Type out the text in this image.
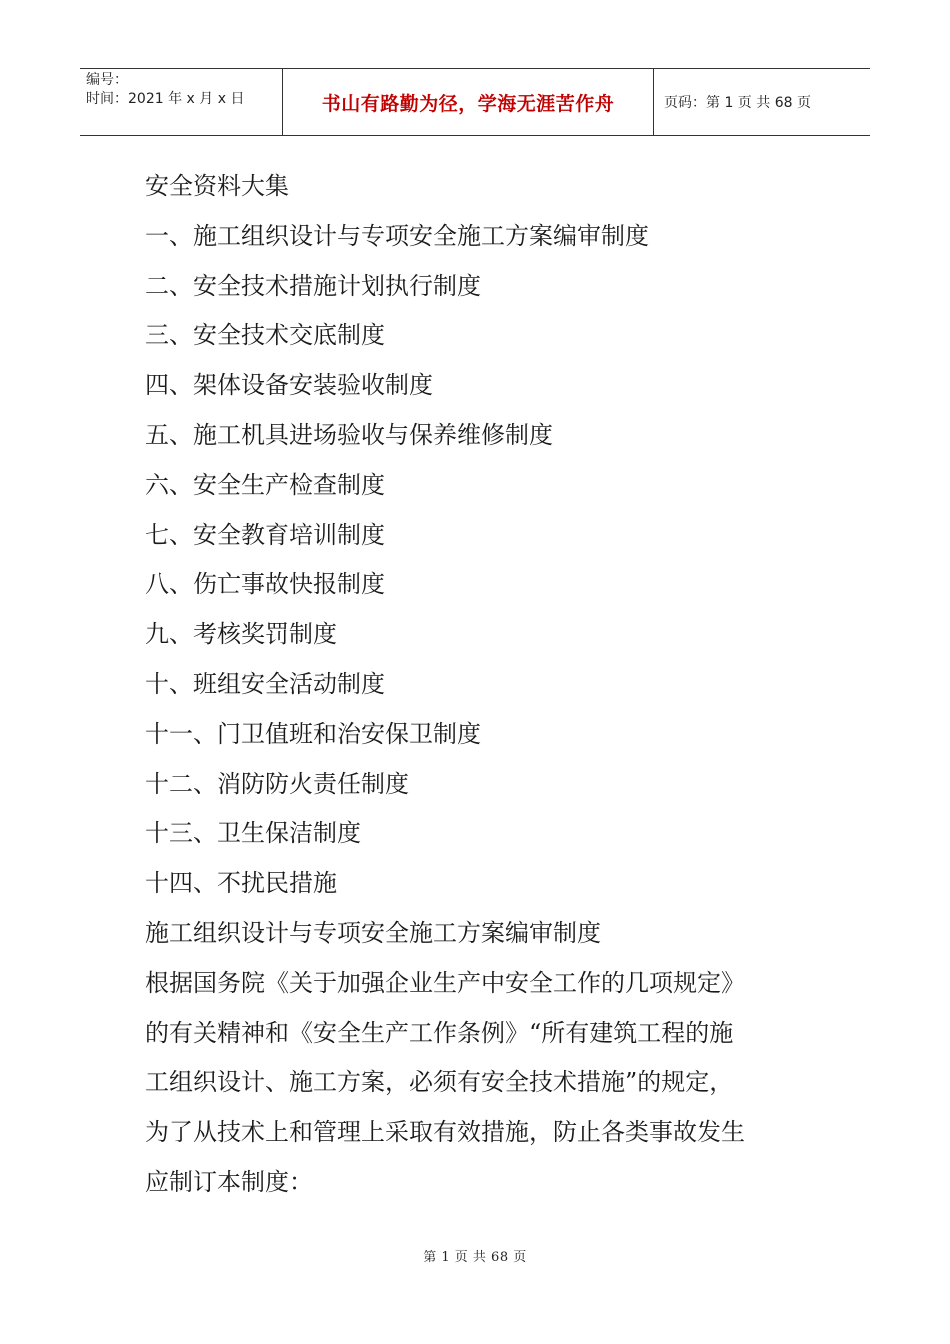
编号：
时间：2021 年 x 月 x 日	书山有路勤为径，学海无涯苦作舟	页码：第 1 页 共 68 页
安全资料大集
一、施工组织设计与专项安全施工方案编审制度
二、安全技术措施计划执行制度
三、安全技术交底制度
四、架体设备安装验收制度
五、施工机具进场验收与保养维修制度
六、安全生产检查制度
七、安全教育培训制度
八、伤亡事故快报制度
九、考核奖罚制度
十、班组安全活动制度
十一、门卫值班和治安保卫制度
十二、消防防火责任制度
十三、卫生保洁制度
十四、不扰民措施
施工组织设计与专项安全施工方案编审制度
根据国务院《关于加强企业生产中安全工作的几项规定》
的有关精神和《安全生产工作条例》“所有建筑工程的施
工组织设计、施工方案，必须有安全技术措施”的规定，
为了从技术上和管理上采取有效措施，防止各类事故发生
应制订本制度：
第 1 页 共 68 页
